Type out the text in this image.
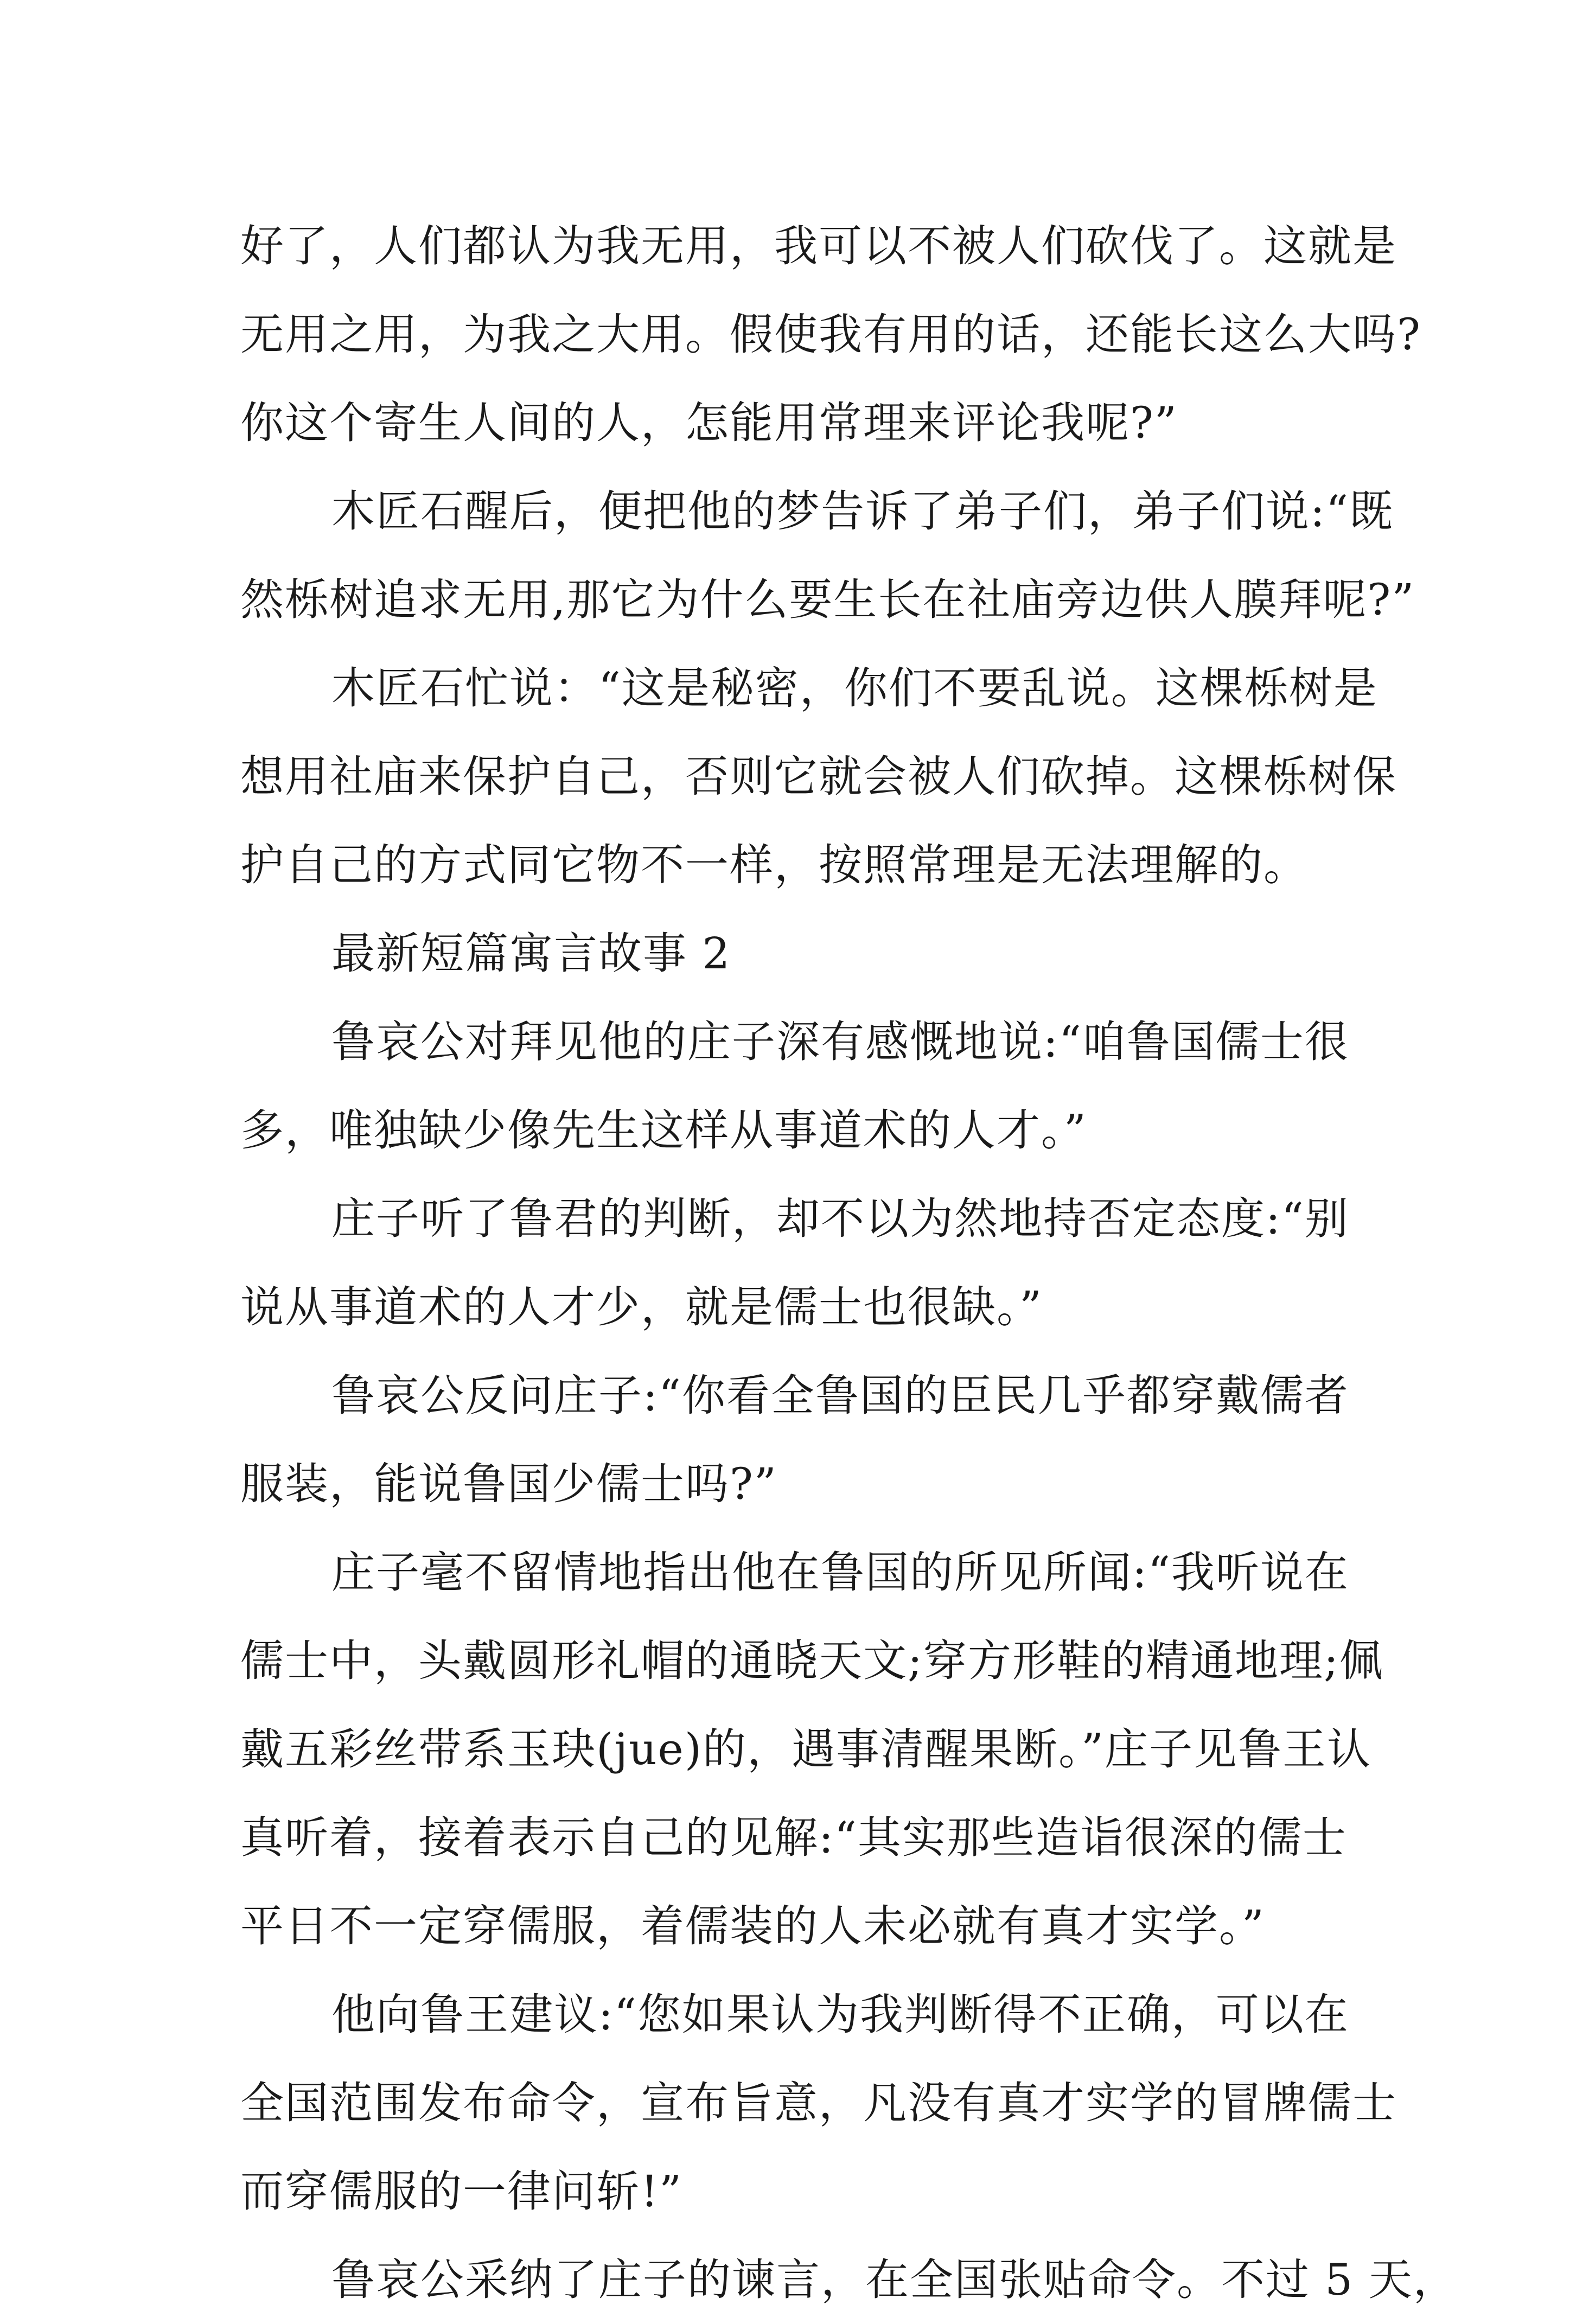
好了，人们都认为我无用，我可以不被人们砍伐了。这就是
无用之用，为我之大用。假使我有用的话，还能长这么大吗?
你这个寄生人间的人，怎能用常理来评论我呢?”
木匠石醒后，便把他的梦告诉了弟子们，弟子们说:“既
然栎树追求无用,那它为什么要生长在社庙旁边供人膜拜呢?”
木匠石忙说：“这是秘密，你们不要乱说。这棵栎树是
想用社庙来保护自己，否则它就会被人们砍掉。这棵栎树保
护自己的方式同它物不一样，按照常理是无法理解的。
最新短篇寓言故事 2
鲁哀公对拜见他的庄子深有感慨地说:“咱鲁国儒士很
多，唯独缺少像先生这样从事道术的人才。”
庄子听了鲁君的判断，却不以为然地持否定态度:“别
说从事道术的人才少，就是儒士也很缺。”
鲁哀公反问庄子:“你看全鲁国的臣民几乎都穿戴儒者
服装，能说鲁国少儒士吗?”
庄子毫不留情地指出他在鲁国的所见所闻:“我听说在
儒士中，头戴圆形礼帽的通晓天文;穿方形鞋的精通地理;佩
戴五彩丝带系玉玦(jue)的，遇事清醒果断。”庄子见鲁王认
真听着，接着表示自己的见解:“其实那些造诣很深的儒士
平日不一定穿儒服，着儒装的人未必就有真才实学。”
他向鲁王建议:“您如果认为我判断得不正确，可以在
全国范围发布命令，宣布旨意，凡没有真才实学的冒牌儒士
而穿儒服的一律问斩!”
鲁哀公采纳了庄子的谏言，在全国张贴命令。不过 5 天，
